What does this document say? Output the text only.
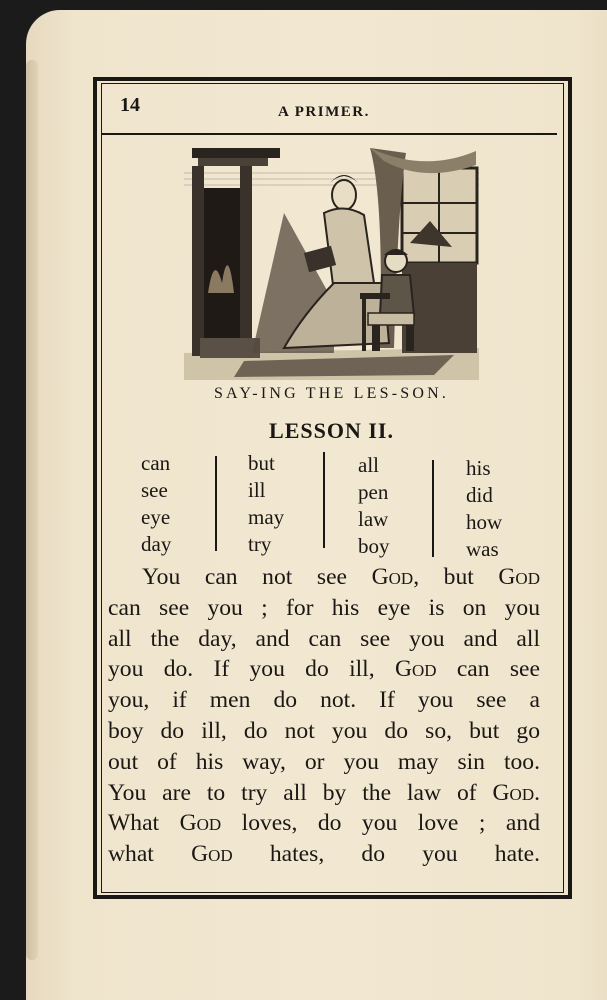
14	A PRIMER.
SAY-ING THE LES-SON.
LESSON II.
can
see
eye
day
but
ill
may
try
all
pen
law
boy
his
did
how
was
You can not see God, but God
can see you ; for his eye is on you
all the day, and can see you and all
you do. If you do ill, God can see
you, if men do not. If you see a
boy do ill, do not you do so, but go
out of his way, or you may sin too.
You are to try all by the law of God.
What God loves, do you love ; and
what God hates, do you hate.
